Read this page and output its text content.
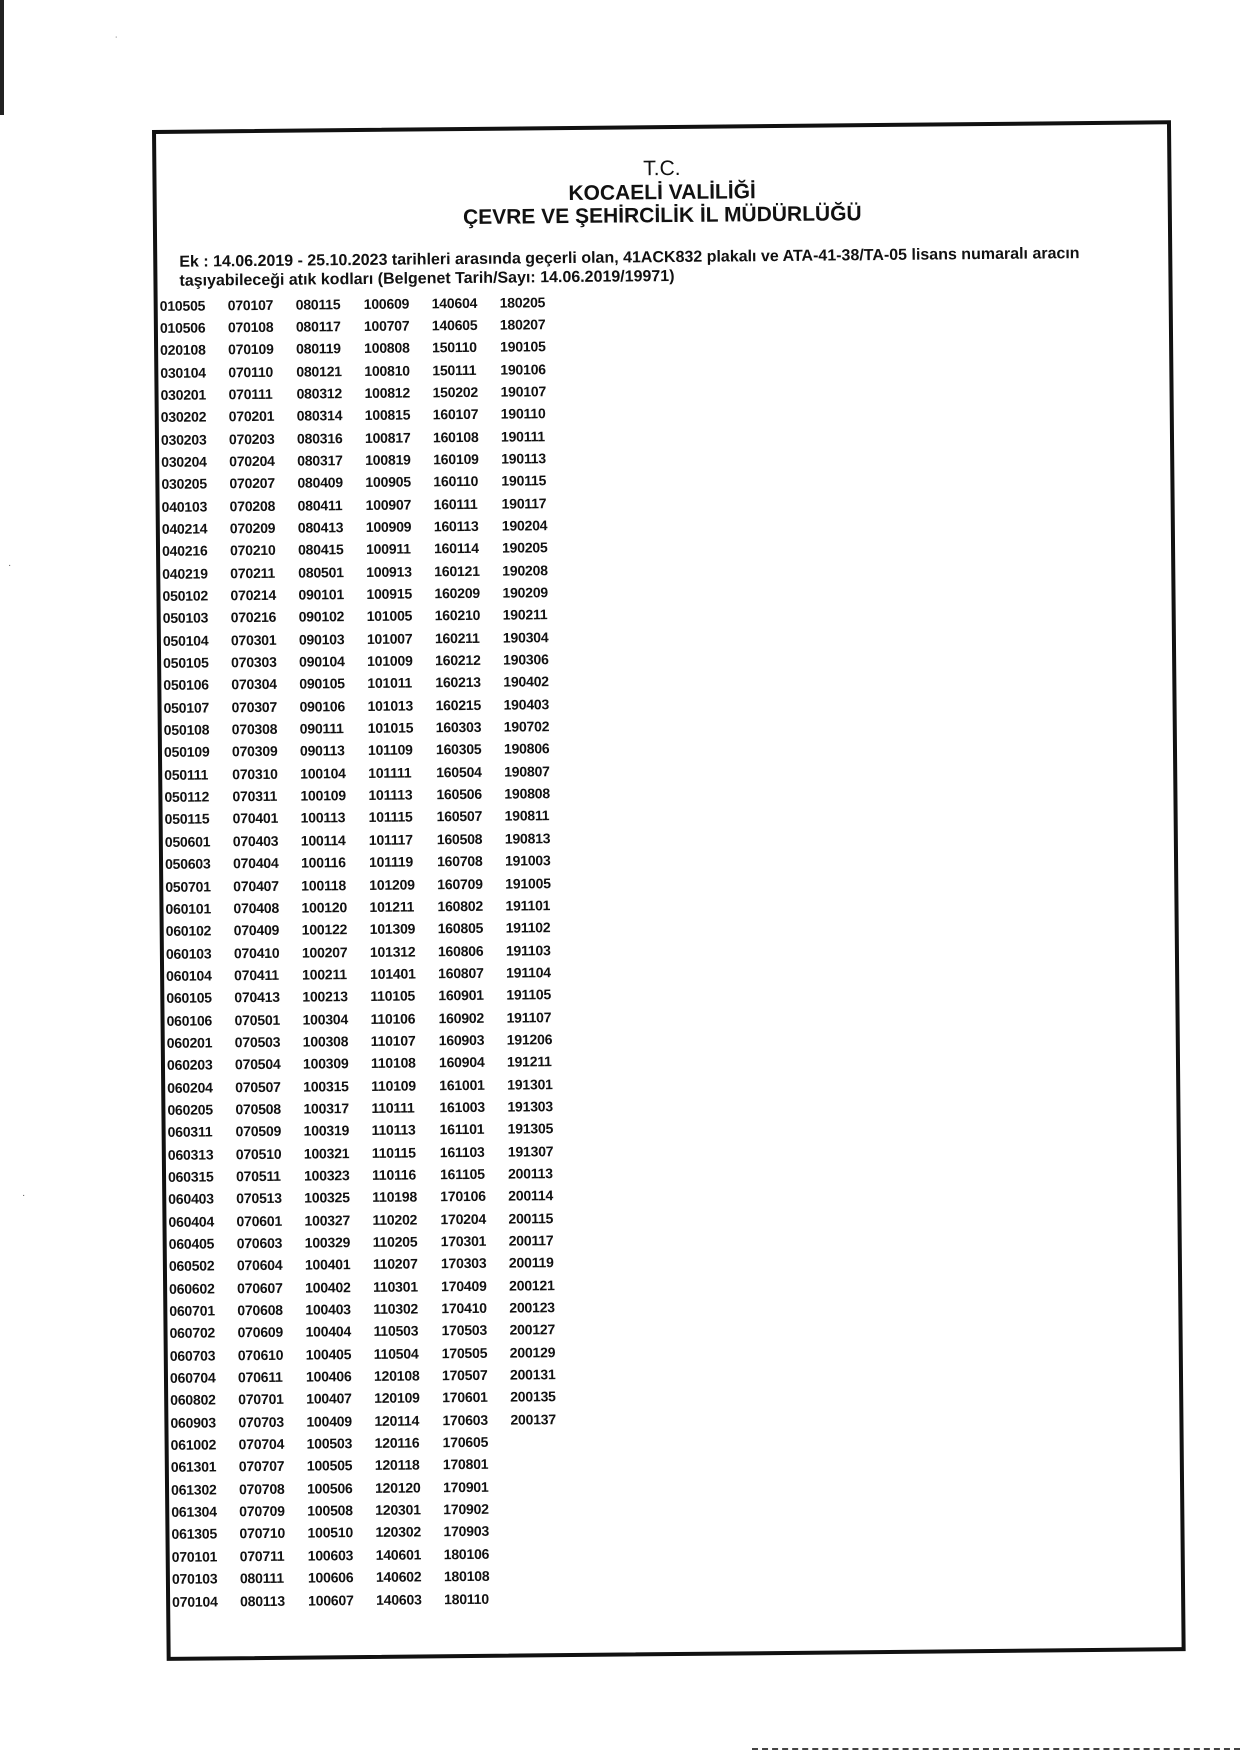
˙
·
·
T.C.
KOCAELİ VALİLİĞİ
ÇEVRE VE ŞEHİRCİLİK İL MÜDÜRLÜĞÜ
Ek : 14.06.2019 - 25.10.2023 tarihleri arasında geçerli olan, 41ACK832 plakalı ve ATA-41-38/TA-05 lisans numaralı aracın
taşıyabileceği atık kodları (Belgenet Tarih/Sayı: 14.06.2019/19971)
010505	070107	080115	100609	140604	180205
010506	070108	080117	100707	140605	180207
020108	070109	080119	100808	150110	190105
030104	070110	080121	100810	150111	190106
030201	070111	080312	100812	150202	190107
030202	070201	080314	100815	160107	190110
030203	070203	080316	100817	160108	190111
030204	070204	080317	100819	160109	190113
030205	070207	080409	100905	160110	190115
040103	070208	080411	100907	160111	190117
040214	070209	080413	100909	160113	190204
040216	070210	080415	100911	160114	190205
040219	070211	080501	100913	160121	190208
050102	070214	090101	100915	160209	190209
050103	070216	090102	101005	160210	190211
050104	070301	090103	101007	160211	190304
050105	070303	090104	101009	160212	190306
050106	070304	090105	101011	160213	190402
050107	070307	090106	101013	160215	190403
050108	070308	090111	101015	160303	190702
050109	070309	090113	101109	160305	190806
050111	070310	100104	101111	160504	190807
050112	070311	100109	101113	160506	190808
050115	070401	100113	101115	160507	190811
050601	070403	100114	101117	160508	190813
050603	070404	100116	101119	160708	191003
050701	070407	100118	101209	160709	191005
060101	070408	100120	101211	160802	191101
060102	070409	100122	101309	160805	191102
060103	070410	100207	101312	160806	191103
060104	070411	100211	101401	160807	191104
060105	070413	100213	110105	160901	191105
060106	070501	100304	110106	160902	191107
060201	070503	100308	110107	160903	191206
060203	070504	100309	110108	160904	191211
060204	070507	100315	110109	161001	191301
060205	070508	100317	110111	161003	191303
060311	070509	100319	110113	161101	191305
060313	070510	100321	110115	161103	191307
060315	070511	100323	110116	161105	200113
060403	070513	100325	110198	170106	200114
060404	070601	100327	110202	170204	200115
060405	070603	100329	110205	170301	200117
060502	070604	100401	110207	170303	200119
060602	070607	100402	110301	170409	200121
060701	070608	100403	110302	170410	200123
060702	070609	100404	110503	170503	200127
060703	070610	100405	110504	170505	200129
060704	070611	100406	120108	170507	200131
060802	070701	100407	120109	170601	200135
060903	070703	100409	120114	170603	200137
061002	070704	100503	120116	170605
061301	070707	100505	120118	170801
061302	070708	100506	120120	170901
061304	070709	100508	120301	170902
061305	070710	100510	120302	170903
070101	070711	100603	140601	180106
070103	080111	100606	140602	180108
070104	080113	100607	140603	180110
